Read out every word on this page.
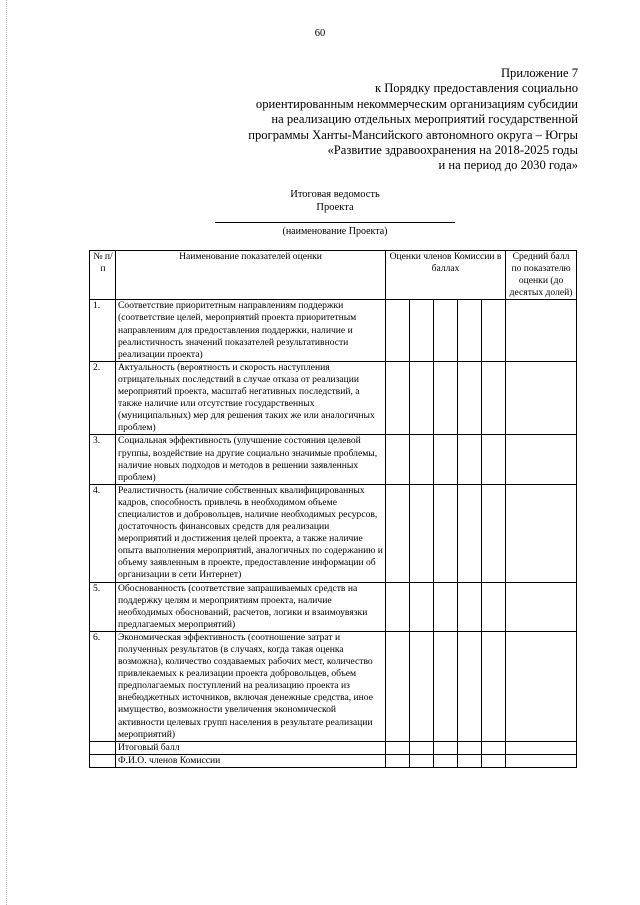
60
Приложение 7
к Порядку предоставления социально
ориентированным некоммерческим организациям субсидии
на реализацию отдельных мероприятий государственной
программы Ханты-Мансийского автономного округа – Югры
«Развитие здравоохранения на 2018-2025 годы
и на период до 2030 года»
Итоговая ведомость
Проекта
(наименование Проекта)
№ п/п	Наименование показателей оценки	Оценки членов Комиссии в баллах					Средний балл по показателю оценки (до десятых долей)
1.	Соответствие приоритетным направлениям поддержки (соответствие целей, мероприятий проекта приоритетным направлениям для предоставления поддержки, наличие и реалистичность значений показателей результативности реализации проекта)						
2.	Актуальность (вероятность и скорость наступления отрицательных последствий в случае отказа от реализации мероприятий проекта, масштаб негативных последствий, а также наличие или отсутствие государственных (муниципальных) мер для решения таких же или аналогичных проблем)						
3.	Социальная эффективность (улучшение состояния целевой группы, воздействие на другие социально значимые проблемы, наличие новых подходов и методов в решении заявленных проблем)						
4.	Реалистичность (наличие собственных квалифицированных кадров, способность привлечь в необходимом объеме специалистов и добровольцев, наличие необходимых ресурсов, достаточность финансовых средств для реализации мероприятий и достижения целей проекта, а также наличие опыта выполнения мероприятий, аналогичных по содержанию и объему заявленным в проекте, предоставление информации об организации в сети Интернет)						
5.	Обоснованность (соответствие запрашиваемых средств на поддержку целям и мероприятиям проекта, наличие необходимых обоснований, расчетов, логики и взаимоувязки предлагаемых мероприятий)						
6.	Экономическая эффективность (соотношение затрат и полученных результатов (в случаях, когда такая оценка возможна), количество создаваемых рабочих мест, количество привлекаемых к реализации проекта добровольцев, объем предполагаемых поступлений на реализацию проекта из внебюджетных источников, включая денежные средства, иное имущество, возможности увеличения экономической активности целевых групп населения в результате реализации мероприятий)						
	Итоговый балл						
	Ф.И.О. членов Комиссии						
